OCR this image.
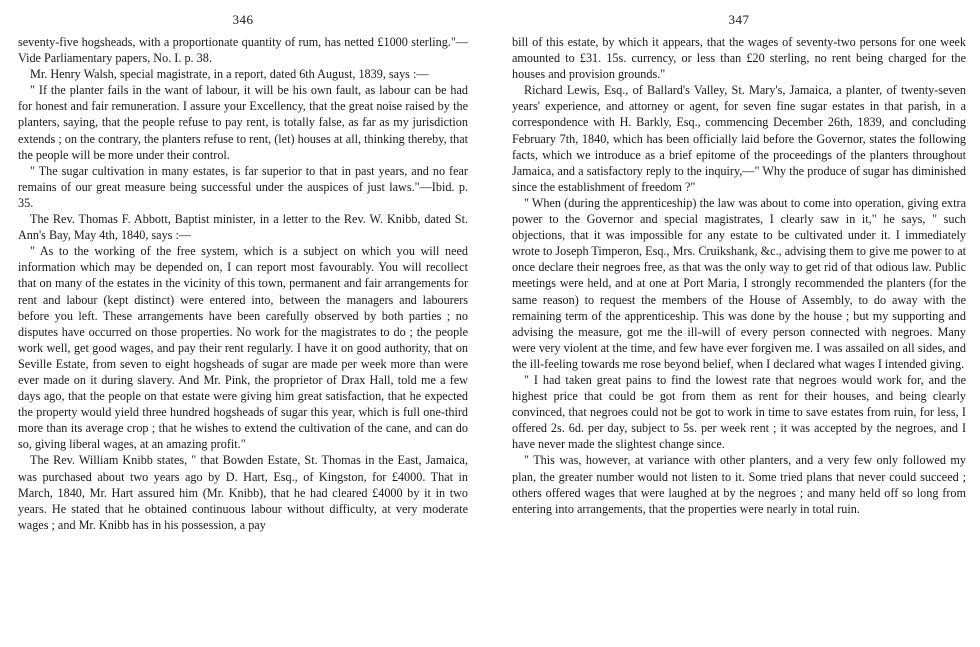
346

seventy-five hogsheads, with a proportionate quantity of rum, has netted £1000 sterling."—Vide Parliamentary papers, No. I. p. 38.

Mr. Henry Walsh, special magistrate, in a report, dated 6th August, 1839, says :—

" If the planter fails in the want of labour, it will be his own fault, as labour can be had for honest and fair remuneration. I assure your Excellency, that the great noise raised by the planters, saying, that the people refuse to pay rent, is totally false, as far as my jurisdiction extends ; on the contrary, the planters refuse to rent, (let) houses at all, thinking thereby, that the people will be more under their control.

" The sugar cultivation in many estates, is far superior to that in past years, and no fear remains of our great measure being successful under the auspices of just laws."—Ibid. p. 35.

The Rev. Thomas F. Abbott, Baptist minister, in a letter to the Rev. W. Knibb, dated St. Ann's Bay, May 4th, 1840, says :—

" As to the working of the free system, which is a subject on which you will need information which may be depended on, I can report most favourably. You will recollect that on many of the estates in the vicinity of this town, permanent and fair arrangements for rent and labour (kept distinct) were entered into, between the managers and labourers before you left. These arrangements have been carefully observed by both parties ; no disputes have occurred on those properties. No work for the magistrates to do ; the people work well, get good wages, and pay their rent regularly. I have it on good authority, that on Seville Estate, from seven to eight hogsheads of sugar are made per week more than were ever made on it during slavery. And Mr. Pink, the proprietor of Drax Hall, told me a few days ago, that the people on that estate were giving him great satisfaction, that he expected the property would yield three hundred hogsheads of sugar this year, which is full one-third more than its average crop ; that he wishes to extend the cultivation of the cane, and can do so, giving liberal wages, at an amazing profit."

The Rev. William Knibb states, " that Bowden Estate, St. Thomas in the East, Jamaica, was purchased about two years ago by D. Hart, Esq., of Kingston, for £4000. That in March, 1840, Mr. Hart assured him (Mr. Knibb), that he had cleared £4000 by it in two years. He stated that he obtained continuous labour without difficulty, at very moderate wages ; and Mr. Knibb has in his possession, a pay

347

bill of this estate, by which it appears, that the wages of seventy-two persons for one week amounted to £31. 15s. currency, or less than £20 sterling, no rent being charged for the houses and provision grounds."

Richard Lewis, Esq., of Ballard's Valley, St. Mary's, Jamaica, a planter, of twenty-seven years' experience, and attorney or agent, for seven fine sugar estates in that parish, in a correspondence with H. Barkly, Esq., commencing December 26th, 1839, and concluding February 7th, 1840, which has been officially laid before the Governor, states the following facts, which we introduce as a brief epitome of the proceedings of the planters throughout Jamaica, and a satisfactory reply to the inquiry,—" Why the produce of sugar has diminished since the establishment of freedom ?"

" When (during the apprenticeship) the law was about to come into operation, giving extra power to the Governor and special magistrates, I clearly saw in it," he says, " such objections, that it was impossible for any estate to be cultivated under it. I immediately wrote to Joseph Timperon, Esq., Mrs. Cruikshank, &c., advising them to give me power to at once declare their negroes free, as that was the only way to get rid of that odious law. Public meetings were held, and at one at Port Maria, I strongly recommended the planters (for the same reason) to request the members of the House of Assembly, to do away with the remaining term of the apprenticeship. This was done by the house ; but my supporting and advising the measure, got me the ill-will of every person connected with negroes. Many were very violent at the time, and few have ever forgiven me. I was assailed on all sides, and the ill-feeling towards me rose beyond belief, when I declared what wages I intended giving.

" I had taken great pains to find the lowest rate that negroes would work for, and the highest price that could be got from them as rent for their houses, and being clearly convinced, that negroes could not be got to work in time to save estates from ruin, for less, I offered 2s. 6d. per day, subject to 5s. per week rent ; it was accepted by the negroes, and I have never made the slightest change since.

" This was, however, at variance with other planters, and a very few only followed my plan, the greater number would not listen to it. Some tried plans that never could succeed ; others offered wages that were laughed at by the negroes ; and many held off so long from entering into arrangements, that the properties were nearly in total ruin.
